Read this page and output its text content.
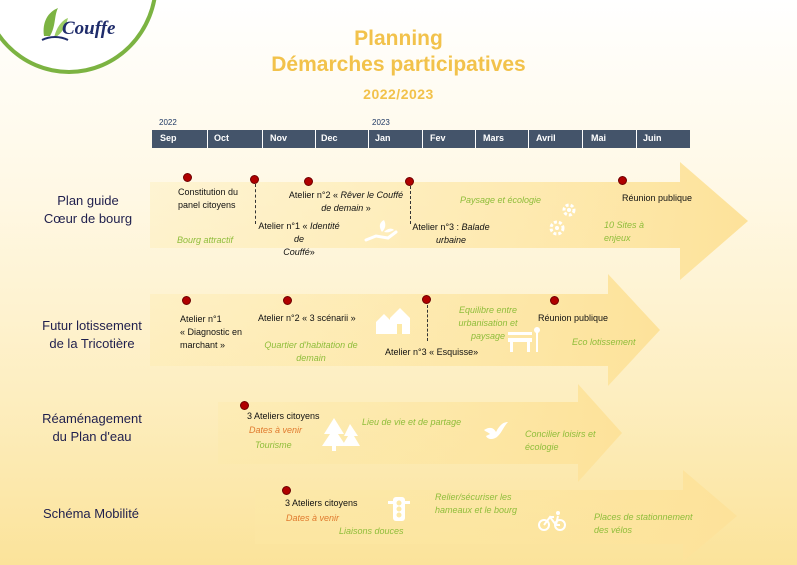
Couffe	Planning
Démarches participatives
2022/2023
2022	2023
Sep	Oct	Nov	Dec	Jan	Fev	Mars	Avril	Mai	Juin
Plan guide
Cœur de bourg
Futur lotissement
de la Tricotière
Réaménagement
du Plan d'eau
Schéma Mobilité
Constitution du
panel citoyens
Atelier n°1 « Identité de
Couffé»
Atelier n°2 « Rêver le Couffé
de demain »
Atelier n°3 : Balade
urbaine
Réunion publique
Bourg attractif
Paysage et écologie
10 Sites à
enjeux
Atelier n°1
« Diagnostic en
marchant »
Atelier n°2 « 3 scénarii »
Atelier n°3 « Esquisse»
Réunion publique
Quartier d'habitation de
demain
Equilibre entre
urbanisation et
paysage
Eco lotissement
3 Ateliers citoyens
Dates à venir
Tourisme
Lieu de vie et de partage
Concilier loisirs et
écologie
3 Ateliers citoyens
Dates à venir
Liaisons douces
Relier/sécuriser les
hameaux et le bourg
Places de stationnement
des vélos
